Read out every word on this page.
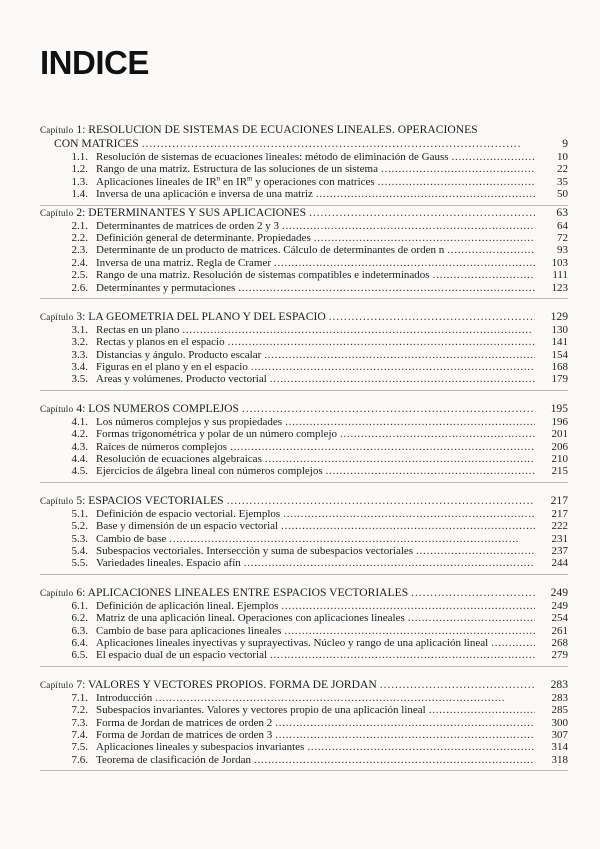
INDICE
Capítulo 1: RESOLUCION DE SISTEMAS DE ECUACIONES LINEALES. OPERACIONES
CON MATRICES . . .	9
1.1. Resolución de sistemas de ecuaciones lineales: método de eliminación de Gauss . . .	10
1.2. Rango de una matriz. Estructura de las soluciones de un sistema . . .	22
1.3. Aplicaciones lineales de $IR^n$ en $IR^m$ y operaciones con matrices . . .	35
1.4. Inversa de una aplicación e inversa de una matriz . . .	50
Capítulo 2: DETERMINANTES Y SUS APLICACIONES . . .	63
2.1. Determinantes de matrices de orden 2 y 3 . . .	64
2.2. Definición general de determinante. Propiedades . . .	72
2.3. Determinante de un producto de matrices. Cálculo de determinantes de orden n . . .	93
2.4. Inversa de una matriz. Regla de Cramer . . .	103
2.5. Rango de una matriz. Resolución de sistemas compatibles e indeterminados . . .	111
2.6. Determinantes y permutaciones . . .	123
Capítulo 3: LA GEOMETRIA DEL PLANO Y DEL ESPACIO . . .	129
3.1. Rectas en un plano . . .	130
3.2. Rectas y planos en el espacio . . .	141
3.3. Distancias y ángulo. Producto escalar . . .	154
3.4. Figuras en el plano y en el espacio . . .	168
3.5. Areas y volúmenes. Producto vectorial . . .	179
Capítulo 4: LOS NUMEROS COMPLEJOS . . .	195
4.1. Los números complejos y sus propiedades . . .	196
4.2. Formas trigonométrica y polar de un número complejo . . .	201
4.3. Raíces de números complejos . . .	206
4.4. Resolución de ecuaciones algebraicas . . .	210
4.5. Ejercicios de álgebra lineal con números complejos . . .	215
Capítulo 5: ESPACIOS VECTORIALES . . .	217
5.1. Definición de espacio vectorial. Ejemplos . . .	217
5.2. Base y dimensión de un espacio vectorial . . .	222
5.3. Cambio de base . . .	231
5.4. Subespacios vectoriales. Intersección y suma de subespacios vectoriales . . .	237
5.5. Variedades lineales. Espacio afín . . .	244
Capítulo 6: APLICACIONES LINEALES ENTRE ESPACIOS VECTORIALES . . .	249
6.1. Definición de aplicación lineal. Ejemplos . . .	249
6.2. Matriz de una aplicación lineal. Operaciones con aplicaciones lineales . . .	254
6.3. Cambio de base para aplicaciones lineales . . .	261
6.4. Aplicaciones lineales inyectivas y suprayectivas. Núcleo y rango de una aplicación lineal . . .	268
6.5. El espacio dual de un espacio vectorial . . .	279
Capítulo 7: VALORES Y VECTORES PROPIOS. FORMA DE JORDAN . . .	283
7.1. Introducción . . .	283
7.2. Subespacios invariantes. Valores y vectores propio de una aplicación lineal . . .	285
7.3. Forma de Jordan de matrices de orden 2 . . .	300
7.4. Forma de Jordan de matrices de orden 3 . . .	307
7.5. Aplicaciones lineales y subespacios invariantes . . .	314
7.6. Teorema de clasificación de Jordan . . .	318
